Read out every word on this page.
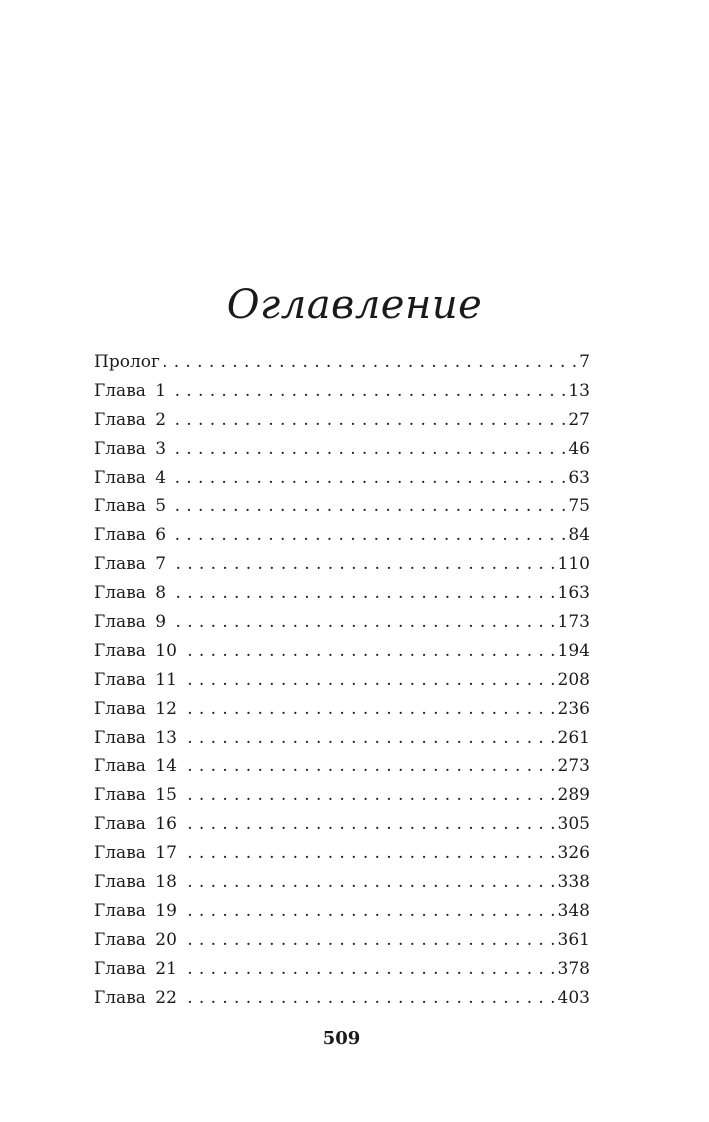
Оглавление
Пролог . . .	7
Глава 1 . . .	13
Глава 2 . . .	27
Глава 3 . . .	46
Глава 4 . . .	63
Глава 5 . . .	75
Глава 6 . . .	84
Глава 7 . . .	110
Глава 8 . . .	163
Глава 9 . . .	173
Глава 10 . . .	194
Глава 11 . . .	208
Глава 12 . . .	236
Глава 13 . . .	261
Глава 14 . . .	273
Глава 15 . . .	289
Глава 16 . . .	305
Глава 17 . . .	326
Глава 18 . . .	338
Глава 19 . . .	348
Глава 20 . . .	361
Глава 21 . . .	378
Глава 22 . . .	403
509
